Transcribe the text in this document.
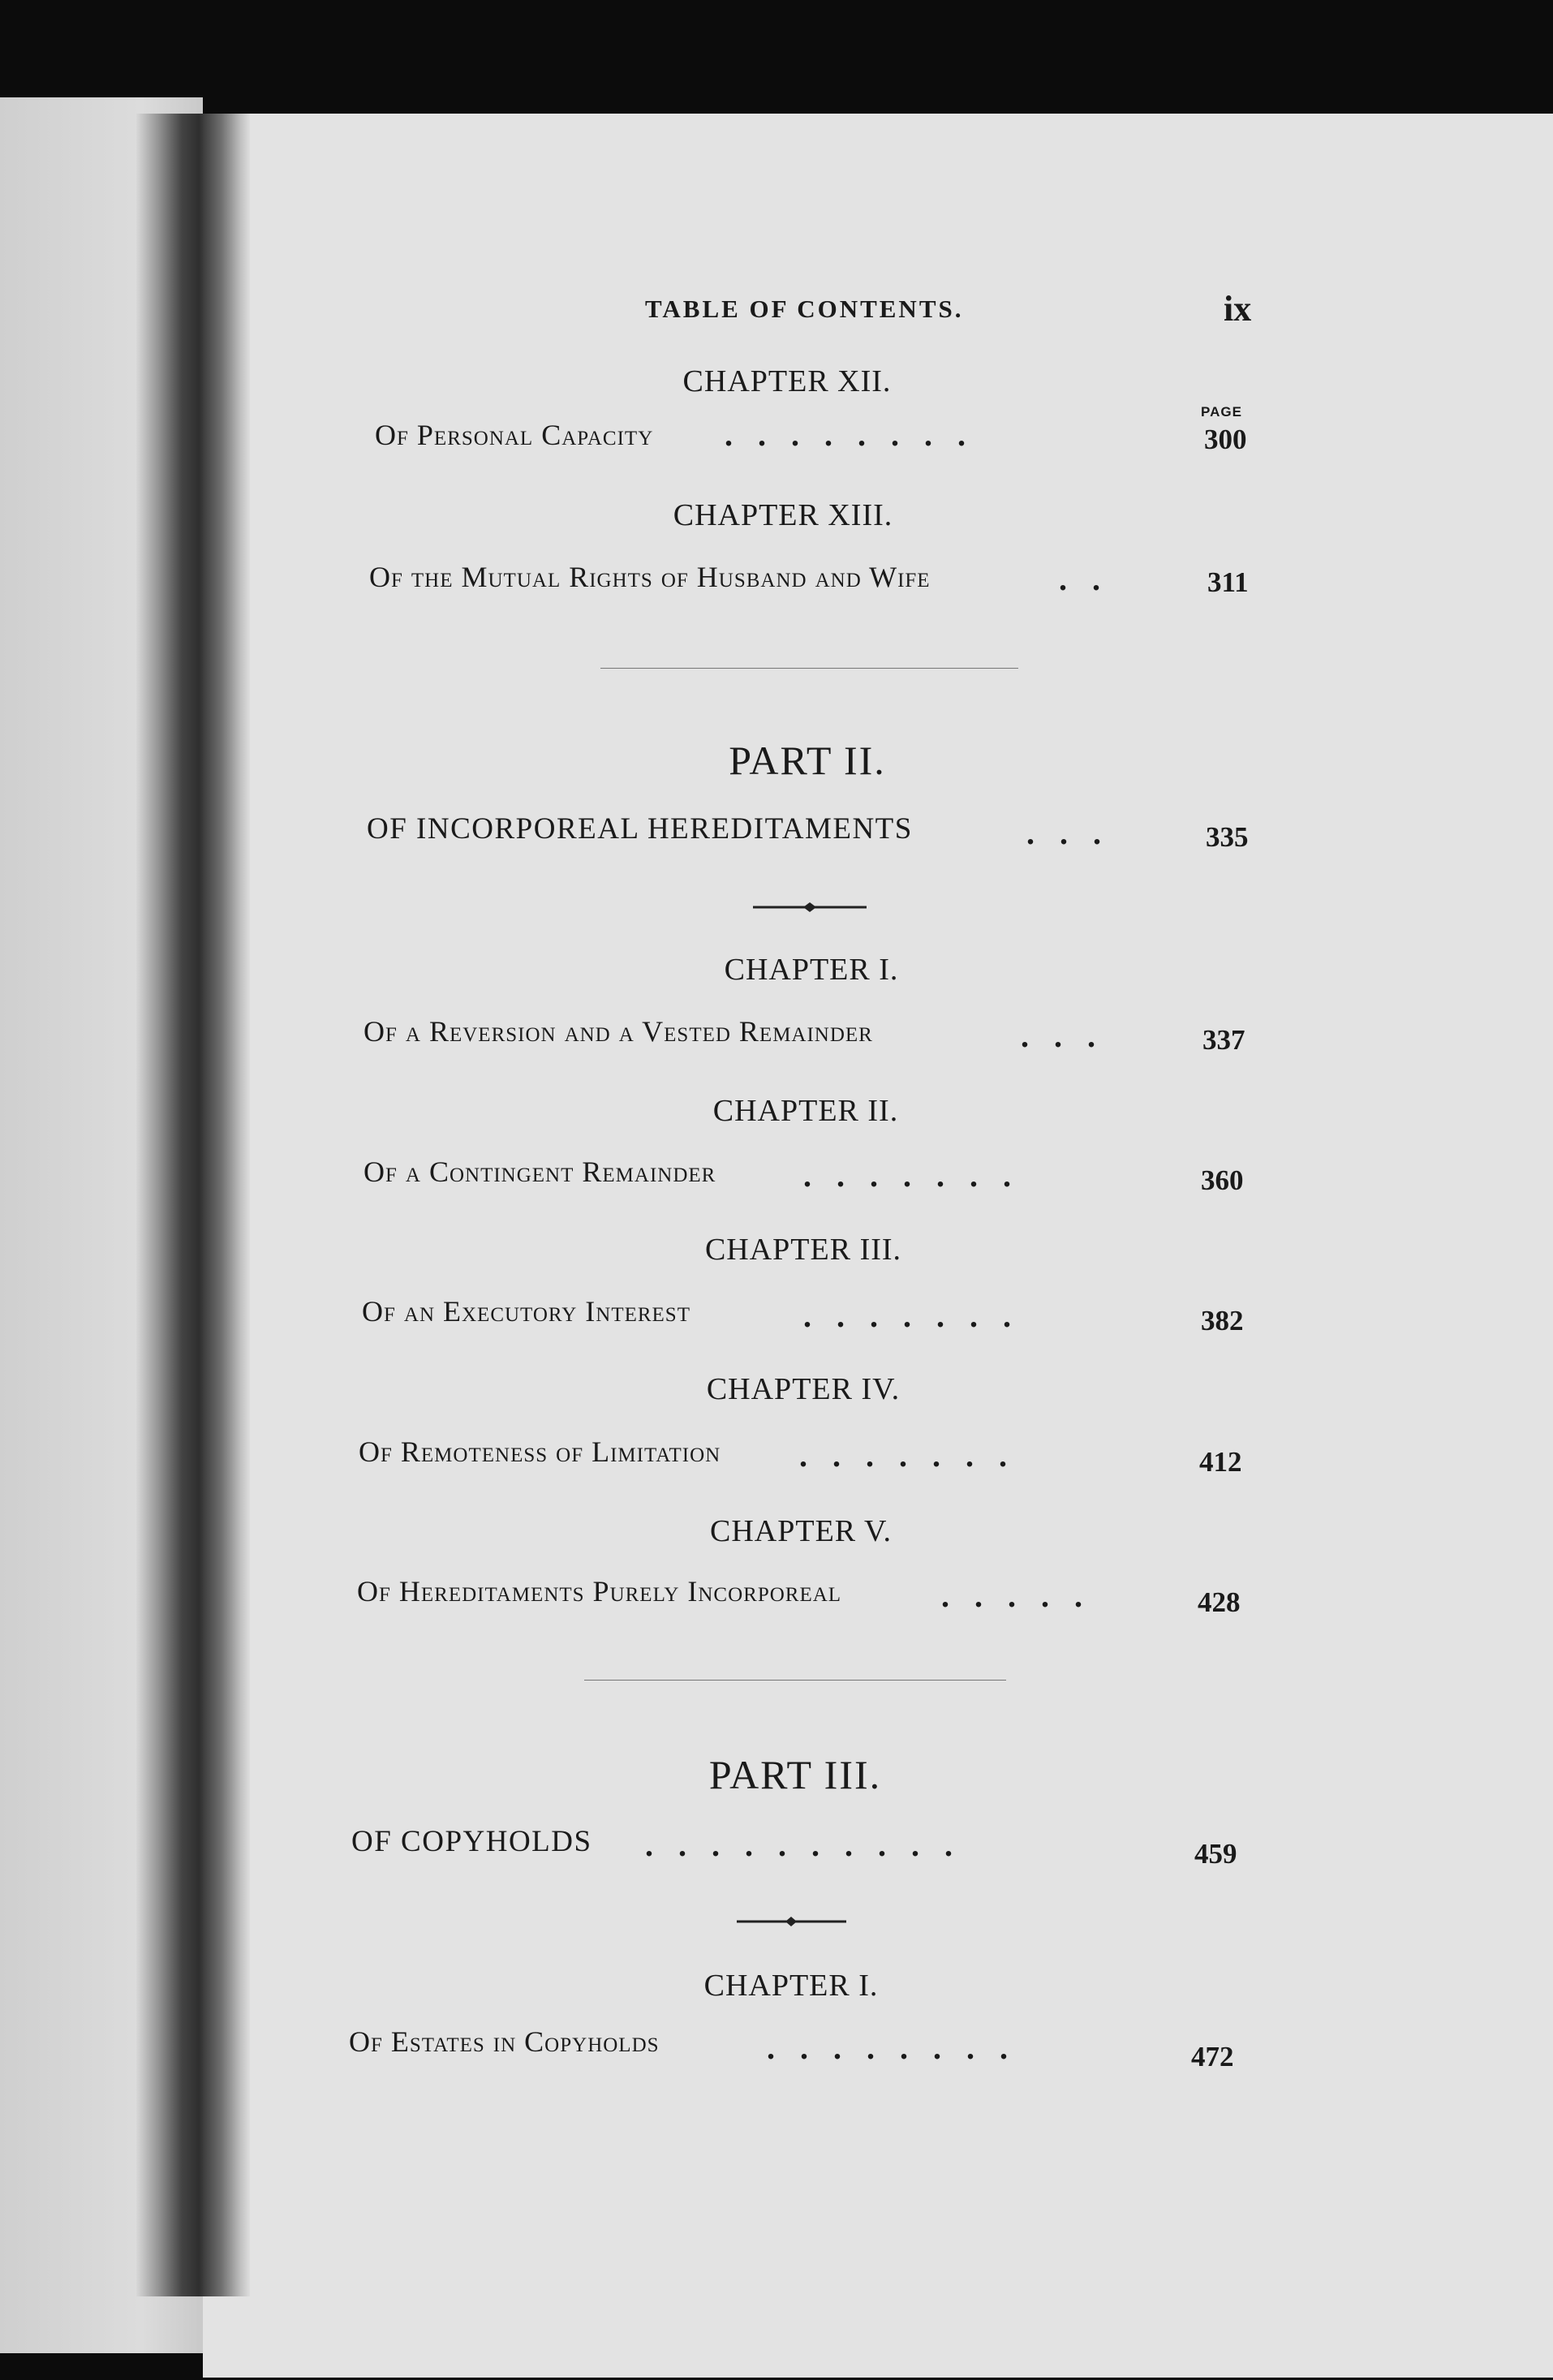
TABLE OF CONTENTS.	ix
CHAPTER XII.
PAGE
Of Personal Capacity ........	300
CHAPTER XIII.
Of the Mutual Rights of Husband and Wife	..	311
PART II.
OF INCORPOREAL HEREDITAMENTS	...	335
CHAPTER I.
Of a Reversion and a Vested Remainder	...	337
CHAPTER II.
Of a Contingent Remainder	.......	360
CHAPTER III.
Of an Executory Interest	.......	382
CHAPTER IV.
Of Remoteness of Limitation .......	412
CHAPTER V.
Of Hereditaments Purely Incorporeal	.....	428
PART III.
OF COPYHOLDS ..........	459
CHAPTER I.
Of Estates in Copyholds	........	472
